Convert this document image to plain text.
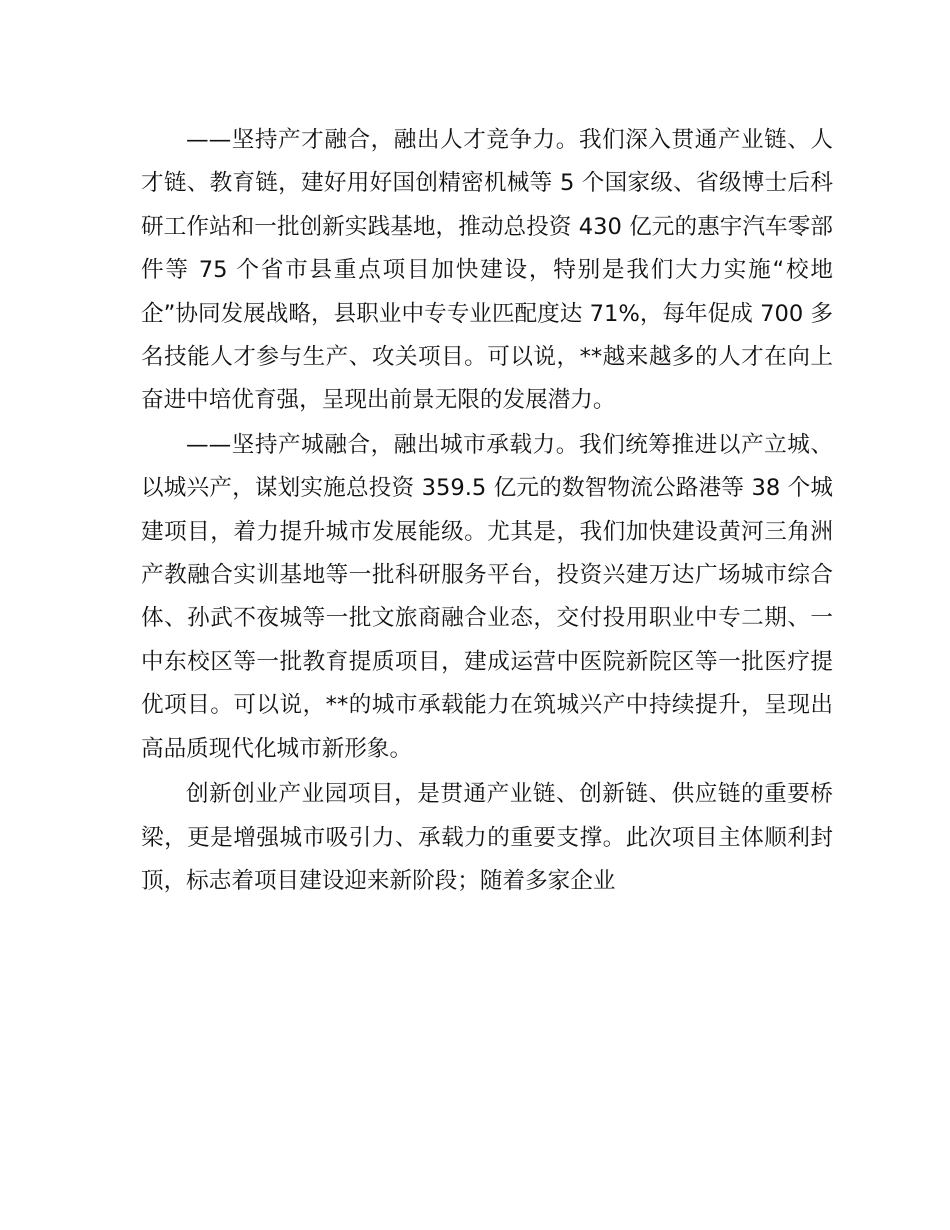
——坚持产才融合，融出人才竞争力。我们深入贯通产业链、人才链、教育链，建好用好国创精密机械等 5 个国家级、省级博士后科研工作站和一批创新实践基地，推动总投资 430 亿元的惠宇汽车零部件等 75 个省市县重点项目加快建设，特别是我们大力实施“校地企”协同发展战略，县职业中专专业匹配度达 71%，每年促成 700 多名技能人才参与生产、攻关项目。可以说，**越来越多的人才在向上奋进中培优育强，呈现出前景无限的发展潜力。

——坚持产城融合，融出城市承载力。我们统筹推进以产立城、以城兴产，谋划实施总投资 359.5 亿元的数智物流公路港等 38 个城建项目，着力提升城市发展能级。尤其是，我们加快建设黄河三角洲产教融合实训基地等一批科研服务平台，投资兴建万达广场城市综合体、孙武不夜城等一批文旅商融合业态，交付投用职业中专二期、一中东校区等一批教育提质项目，建成运营中医院新院区等一批医疗提优项目。可以说，**的城市承载能力在筑城兴产中持续提升，呈现出高品质现代化城市新形象。

创新创业产业园项目，是贯通产业链、创新链、供应链的重要桥梁，更是增强城市吸引力、承载力的重要支撑。此次项目主体顺利封顶，标志着项目建设迎来新阶段；随着多家企业
